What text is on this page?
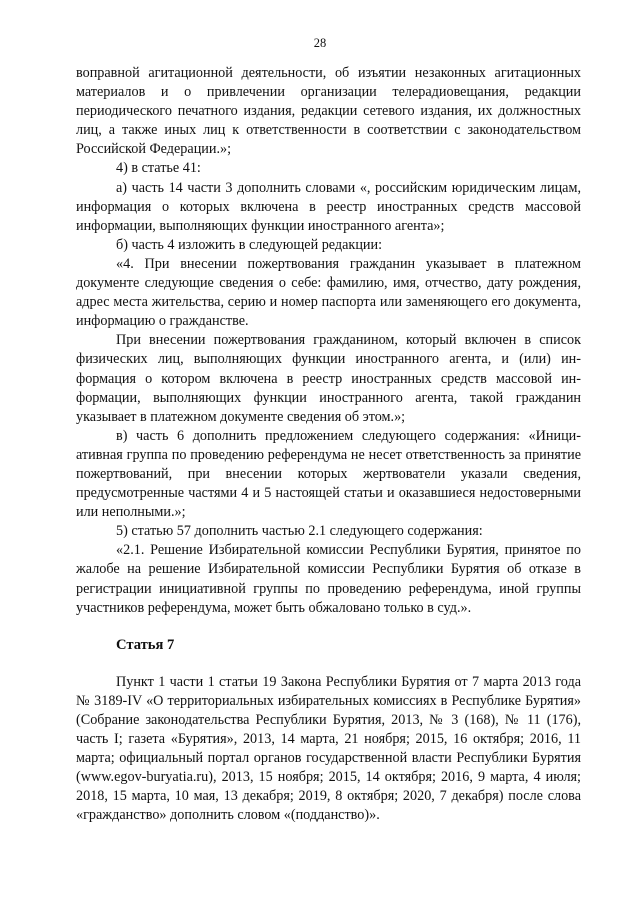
28

воправной агитационной деятельности, об изъятии незаконных агитационных материалов и о привлечении организации телерадиовещания, редакции периодического печатного издания, редакции сетевого издания, их должностных лиц, а также иных лиц к ответственности в соответствии с законодательством Российской Федерации.»;

4) в статье 41:

а) часть 14 части 3 дополнить словами «, российским юридическим лицам, информация о которых включена в реестр иностранных средств массовой информации, выполняющих функции иностранного агента»;

б) часть 4 изложить в следующей редакции:

«4. При внесении пожертвования гражданин указывает в платежном документе следующие сведения о себе: фамилию, имя, отчество, дату рождения, адрес места жительства, серию и номер паспорта или заменяющего его документа, информацию о гражданстве.

При внесении пожертвования гражданином, который включен в список физических лиц, выполняющих функции иностранного агента, и (или) информация о котором включена в реестр иностранных средств массовой информации, выполняющих функции иностранного агента, такой гражданин указывает в платежном документе сведения об этом.»;

в) часть 6 дополнить предложением следующего содержания: «Инициативная группа по проведению референдума не несет ответственность за принятие пожертвований, при внесении которых жертвователи указали сведения, предусмотренные частями 4 и 5 настоящей статьи и оказавшиеся недостоверными или неполными.»;

5) статью 57 дополнить частью 2.1 следующего содержания:

«2.1. Решение Избирательной комиссии Республики Бурятия, принятое по жалобе на решение Избирательной комиссии Республики Бурятия об отказе в регистрации инициативной группы по проведению референдума, иной группы участников референдума, может быть обжаловано только в суд.».

Статья 7

Пункт 1 части 1 статьи 19 Закона Республики Бурятия от 7 марта 2013 года № 3189-IV «О территориальных избирательных комиссиях в Республике Бурятия» (Собрание законодательства Республики Бурятия, 2013, № 3 (168), № 11 (176), часть I; газета «Бурятия», 2013, 14 марта, 21 ноября; 2015, 16 октября; 2016, 11 марта; официальный портал органов государственной власти Республики Бурятия (www.egov-buryatia.ru), 2013, 15 ноября; 2015, 14 октября; 2016, 9 марта, 4 июля; 2018, 15 марта, 10 мая, 13 декабря; 2019, 8 октября; 2020, 7 декабря) после слова «гражданство» дополнить словом «(подданство)».
